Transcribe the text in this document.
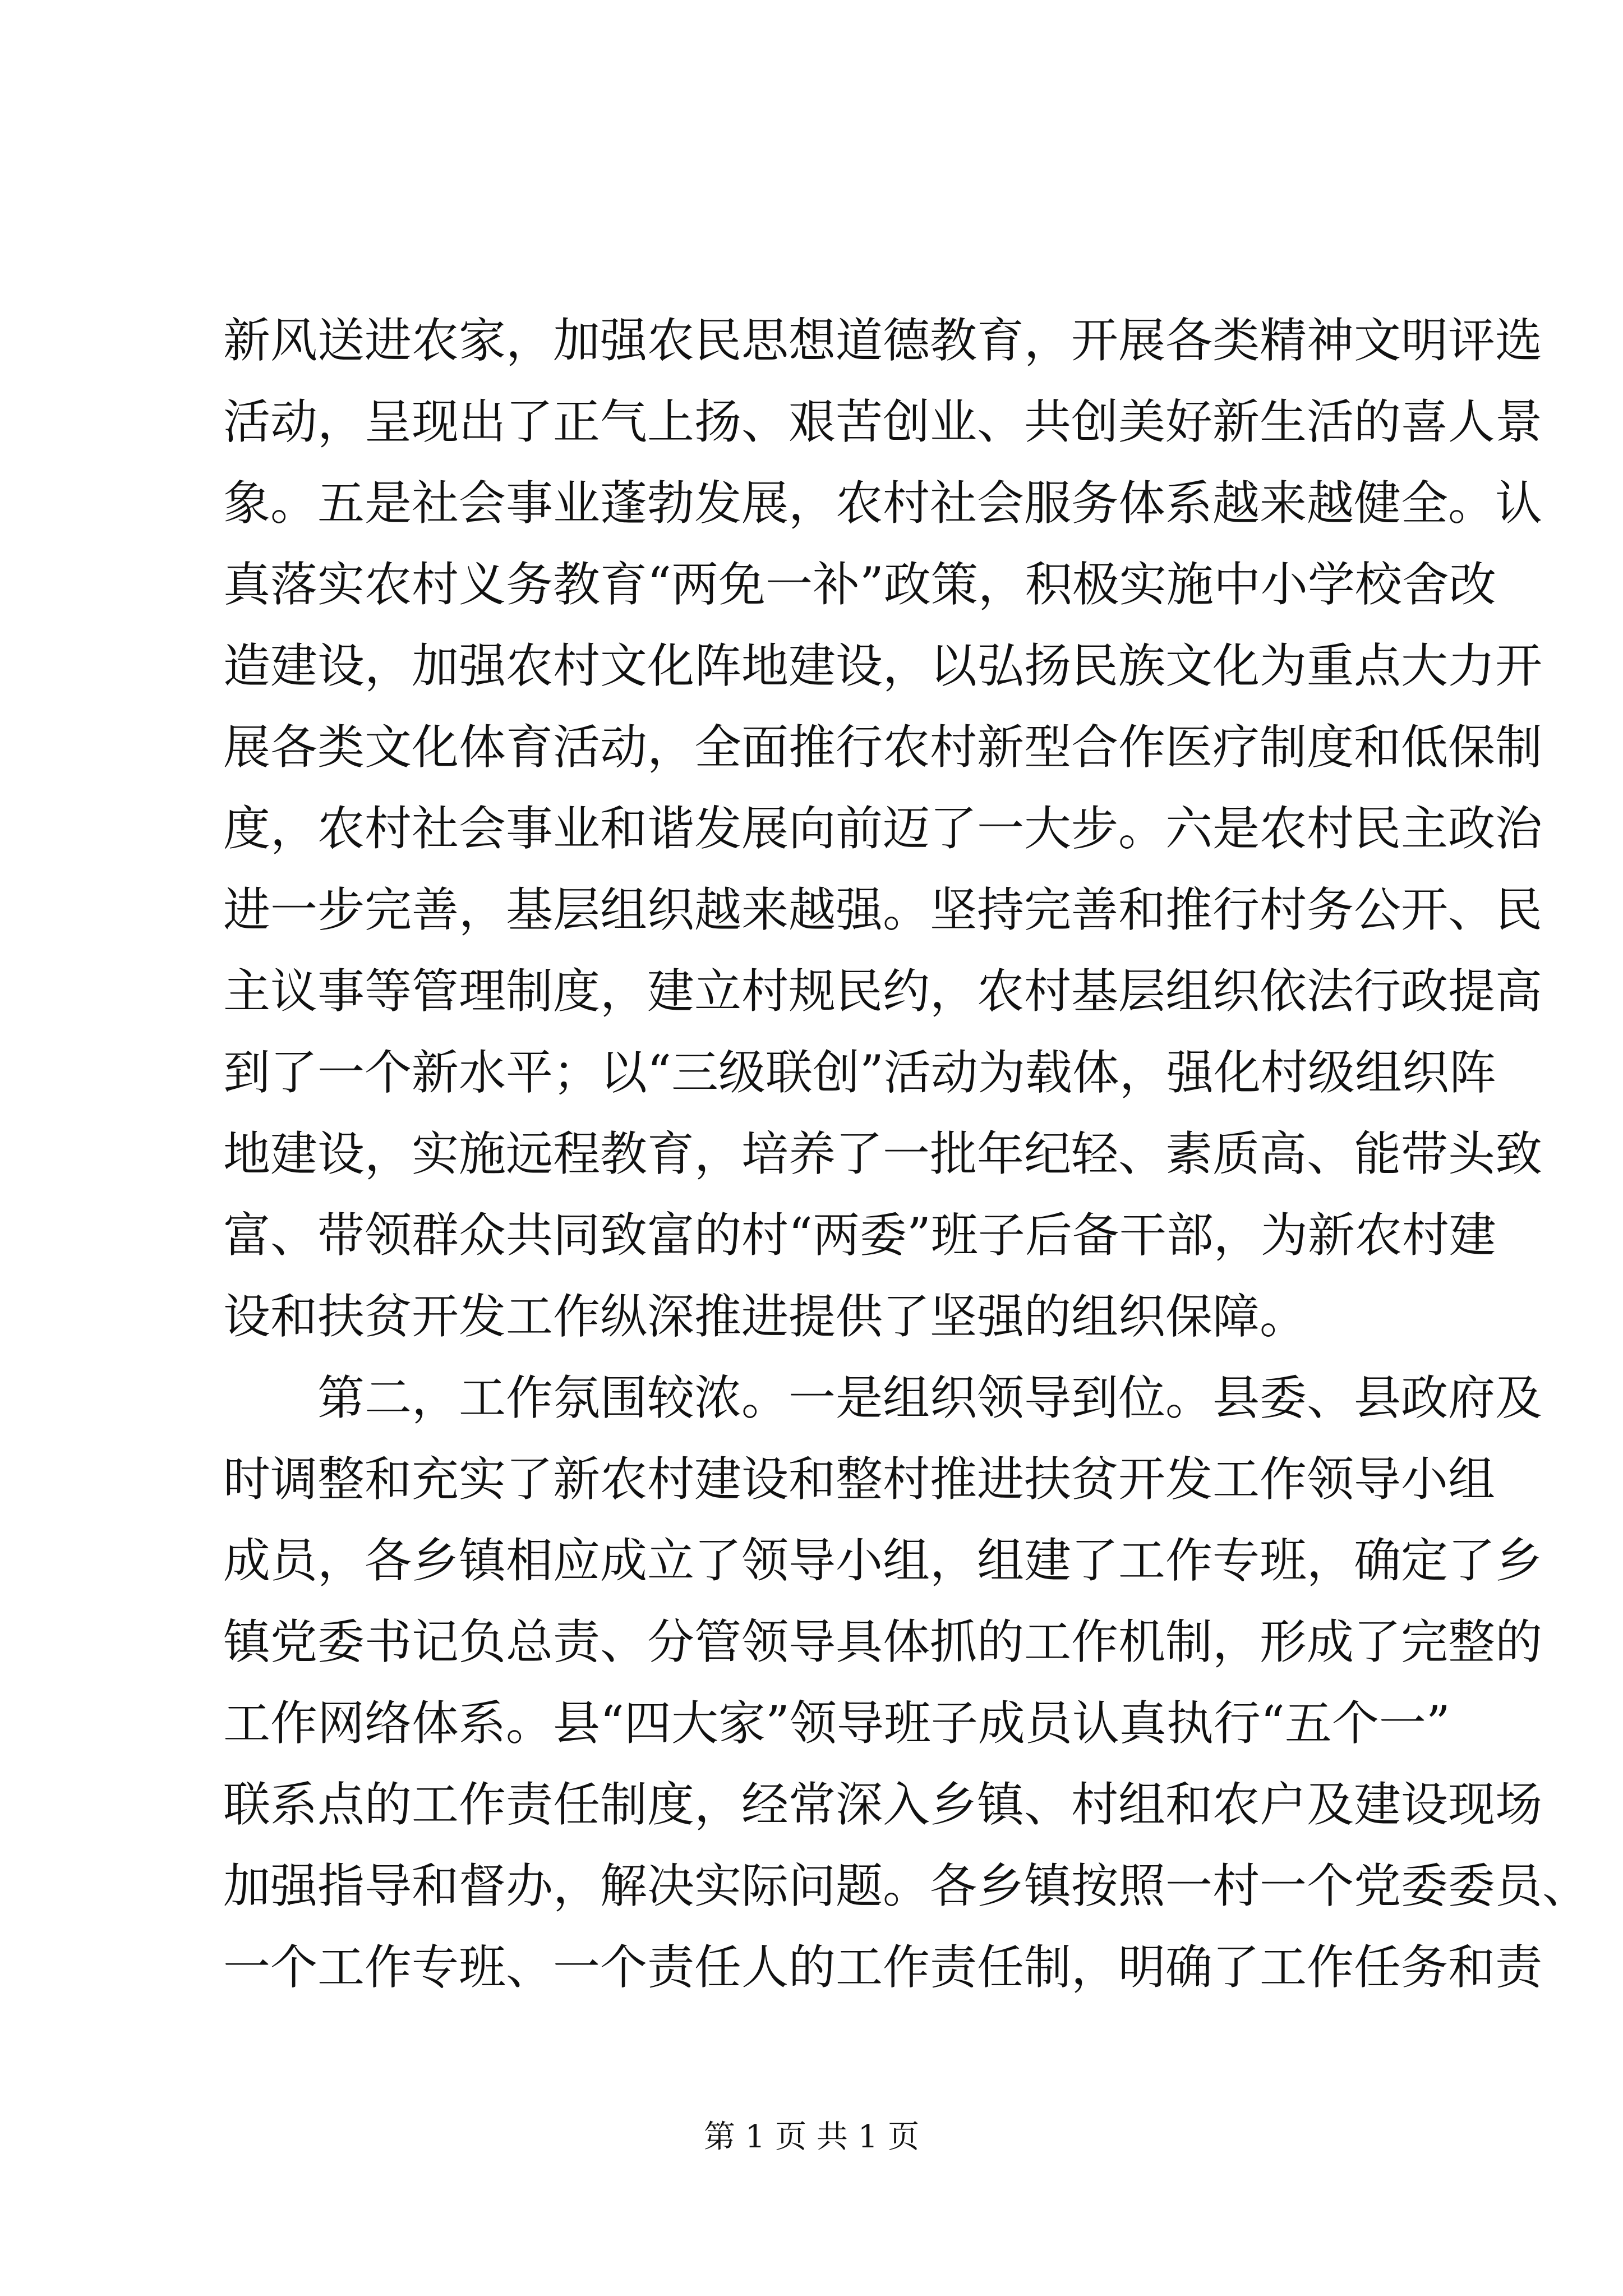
新风送进农家，加强农民思想道德教育，开展各类精神文明评选
活动，呈现出了正气上扬、艰苦创业、共创美好新生活的喜人景
象。五是社会事业蓬勃发展，农村社会服务体系越来越健全。认
真落实农村义务教育“两免一补”政策，积极实施中小学校舍改
造建设，加强农村文化阵地建设，以弘扬民族文化为重点大力开
展各类文化体育活动，全面推行农村新型合作医疗制度和低保制
度，农村社会事业和谐发展向前迈了一大步。六是农村民主政治
进一步完善，基层组织越来越强。坚持完善和推行村务公开、民
主议事等管理制度，建立村规民约，农村基层组织依法行政提高
到了一个新水平；以“三级联创”活动为载体，强化村级组织阵
地建设，实施远程教育，培养了一批年纪轻、素质高、能带头致
富、带领群众共同致富的村“两委”班子后备干部，为新农村建
设和扶贫开发工作纵深推进提供了坚强的组织保障。
第二，工作氛围较浓。一是组织领导到位。县委、县政府及
时调整和充实了新农村建设和整村推进扶贫开发工作领导小组
成员，各乡镇相应成立了领导小组，组建了工作专班，确定了乡
镇党委书记负总责、分管领导具体抓的工作机制，形成了完整的
工作网络体系。县“四大家”领导班子成员认真执行“五个一”
联系点的工作责任制度，经常深入乡镇、村组和农户及建设现场
加强指导和督办，解决实际问题。各乡镇按照一村一个党委委员、
一个工作专班、一个责任人的工作责任制，明确了工作任务和责
第 1 页 共 1 页
